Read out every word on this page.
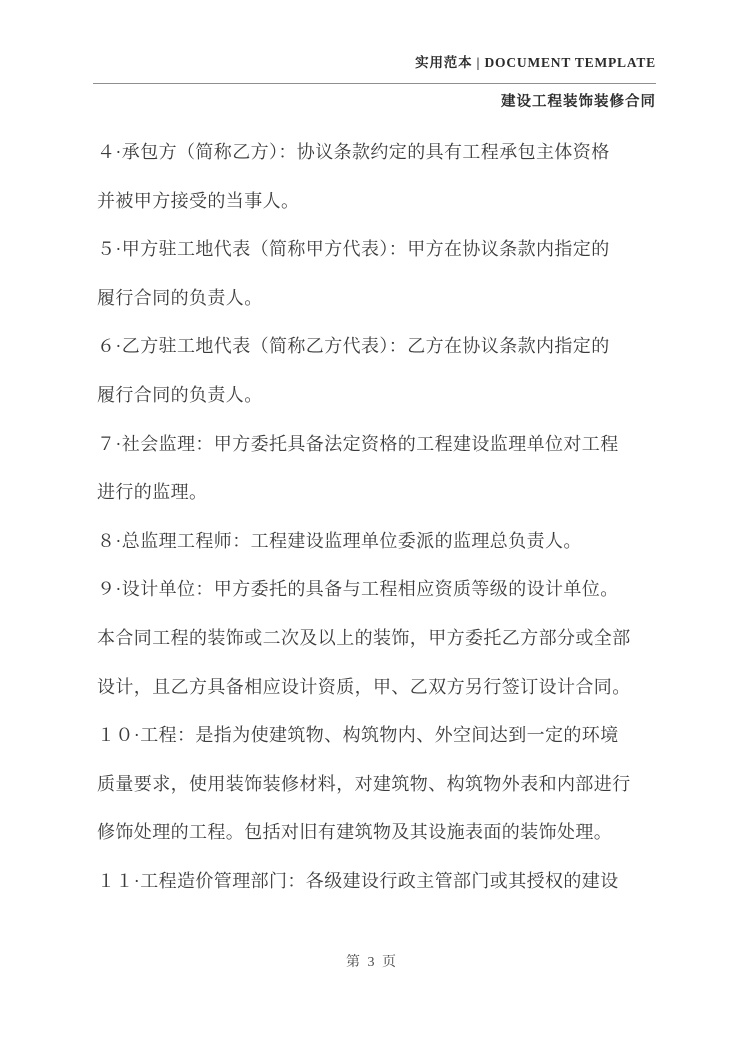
实用范本 | DOCUMENT TEMPLATE
建设工程装饰装修合同
４·承包方（简称乙方）：协议条款约定的具有工程承包主体资格
并被甲方接受的当事人。
５·甲方驻工地代表（简称甲方代表）：甲方在协议条款内指定的
履行合同的负责人。
６·乙方驻工地代表（简称乙方代表）：乙方在协议条款内指定的
履行合同的负责人。
７·社会监理：甲方委托具备法定资格的工程建设监理单位对工程
进行的监理。
８·总监理工程师：工程建设监理单位委派的监理总负责人。
９·设计单位：甲方委托的具备与工程相应资质等级的设计单位。
本合同工程的装饰或二次及以上的装饰，甲方委托乙方部分或全部
设计，且乙方具备相应设计资质，甲、乙双方另行签订设计合同。
１０·工程：是指为使建筑物、构筑物内、外空间达到一定的环境
质量要求，使用装饰装修材料，对建筑物、构筑物外表和内部进行
修饰处理的工程。包括对旧有建筑物及其设施表面的装饰处理。
１１·工程造价管理部门：各级建设行政主管部门或其授权的建设
第 3 页
